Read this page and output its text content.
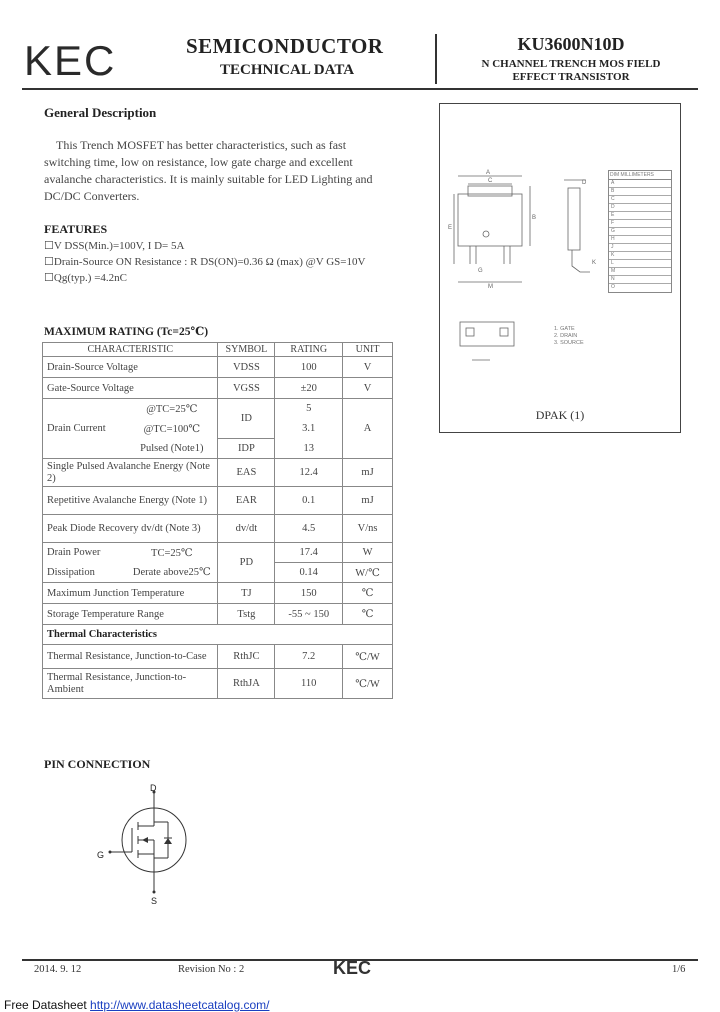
KEC	SEMICONDUCTOR
TECHNICAL DATA
KU3600N10D
N CHANNEL TRENCH MOS FIELD
EFFECT TRANSISTOR
General Description
This Trench MOSFET has better characteristics, such as fast
switching time, low on resistance, low gate charge and excellent
avalanche characteristics. It is mainly suitable for LED Lighting and
DC/DC Converters.
FEATURES
☐V DSS(Min.)=100V, I D= 5A
☐Drain-Source ON Resistance : R DS(ON)=0.36 Ω (max) @V GS=10V
☐Qg(typ.) =4.2nC
MAXIMUM RATING (Tc=25℃)
CHARACTERISTIC		SYMBOL	RATING	UNIT
Drain-Source Voltage		VDSS	100	V
Gate-Source Voltage		VGSS	±20	V
Drain Current	@TC=25℃	ID	5	A
	@TC=100℃		3.1	
	Pulsed (Note1)	IDP	13	
Single Pulsed Avalanche Energy (Note 2)		EAS	12.4	mJ
Repetitive Avalanche Energy (Note 1)		EAR	0.1	mJ
Peak Diode Recovery dv/dt (Note 3)		dv/dt	4.5	V/ns
Drain Power	TC=25℃	PD	17.4	W
Dissipation	Derate above25℃		0.14	W/℃
Maximum Junction Temperature		TJ	150	℃
Storage Temperature Range		Tstg	-55 ~ 150	℃
Thermal Characteristics				
Thermal Resistance, Junction-to-Case		RthJC	7.2	℃/W
Thermal Resistance, Junction-to-
Ambient		RthJA	110	℃/W
A
C
B
E
G
M
D
K
DIM MILLIMETERS
A
B
C
D
E
F
G
H
J
K
L
M
N
O
1. GATE
2. DRAIN
3. SOURCE
DPAK (1)
PIN CONNECTION
D
G
S
2014. 9. 12	Revision No : 2	KEC	1/6
Free Datasheet http://www.datasheetcatalog.com/
